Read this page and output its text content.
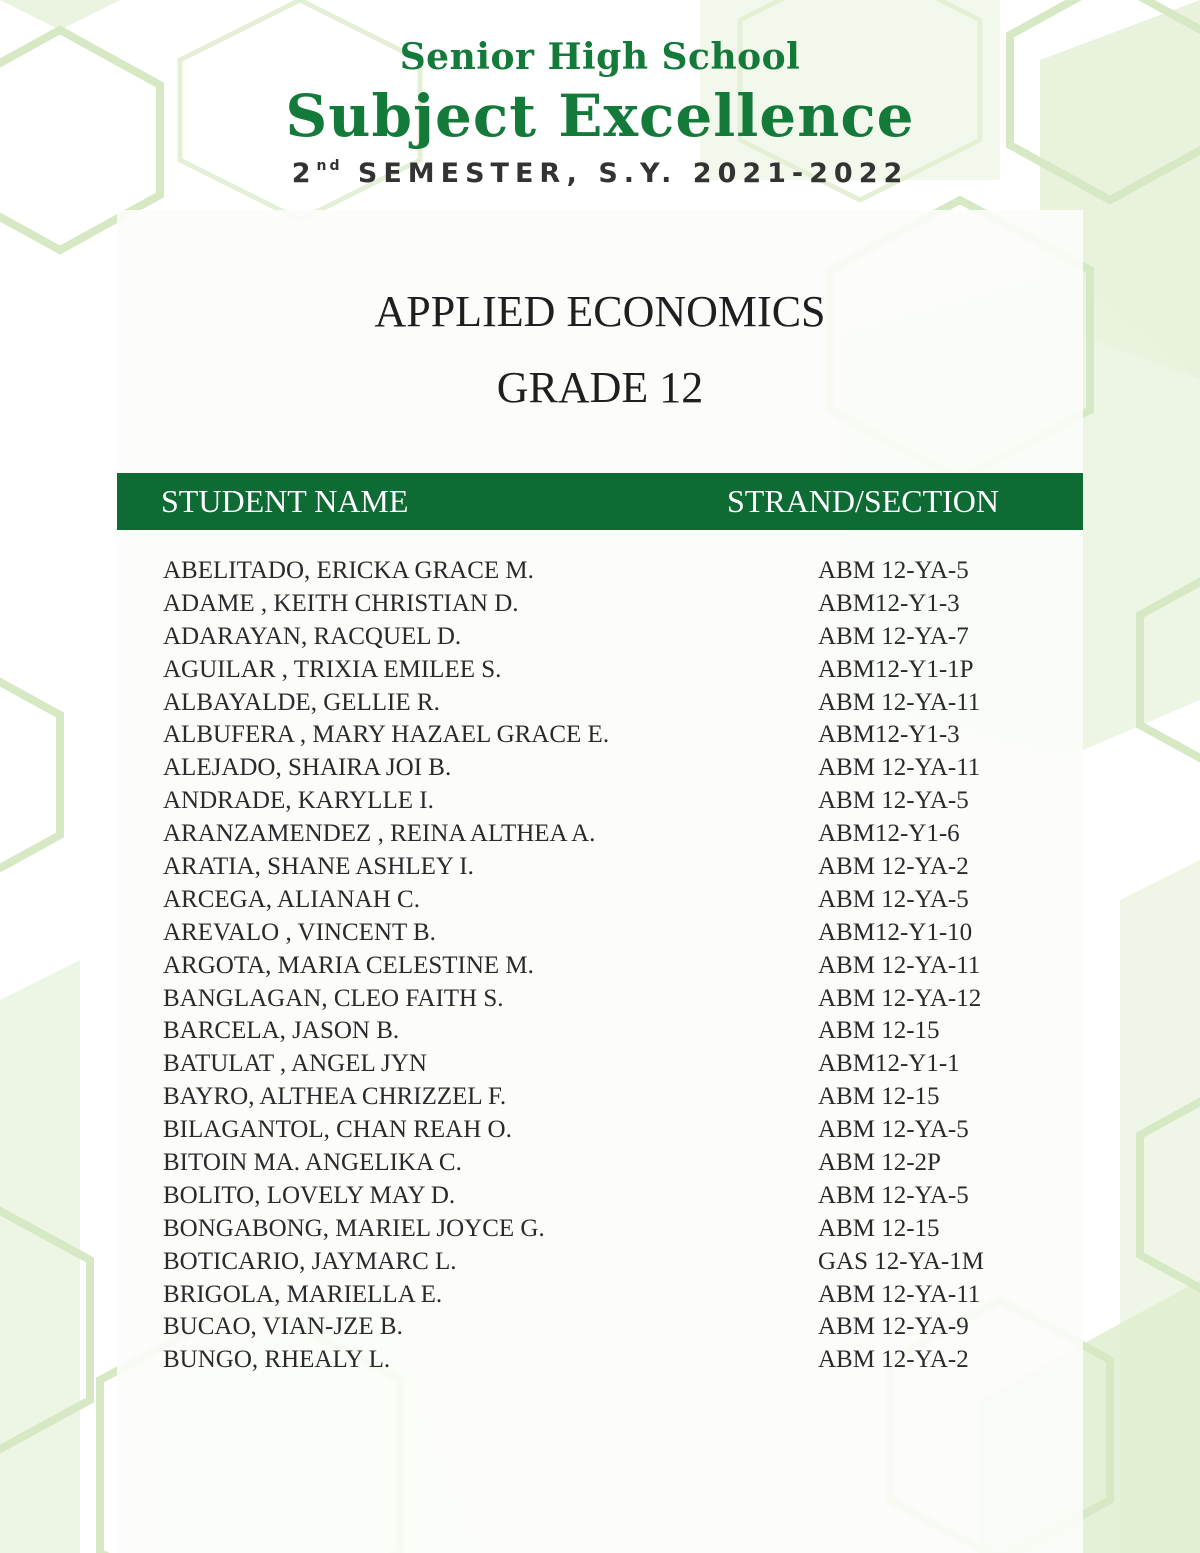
Senior High School
Subject Excellence
2nd SEMESTER, S.Y. 2021-2022
APPLIED ECONOMICS
GRADE 12
STUDENT NAME	STRAND/SECTION
ABELITADO, ERICKA GRACE M.	ABM 12-YA-5
ADAME , KEITH CHRISTIAN D.	ABM12-Y1-3
ADARAYAN, RACQUEL D.	ABM 12-YA-7
AGUILAR , TRIXIA EMILEE S.	ABM12-Y1-1P
ALBAYALDE, GELLIE R.	ABM 12-YA-11
ALBUFERA , MARY HAZAEL GRACE E.	ABM12-Y1-3
ALEJADO, SHAIRA JOI B.	ABM 12-YA-11
ANDRADE, KARYLLE I.	ABM 12-YA-5
ARANZAMENDEZ , REINA ALTHEA A.	ABM12-Y1-6
ARATIA, SHANE ASHLEY I.	ABM 12-YA-2
ARCEGA, ALIANAH C.	ABM 12-YA-5
AREVALO , VINCENT B.	ABM12-Y1-10
ARGOTA, MARIA CELESTINE M.	ABM 12-YA-11
BANGLAGAN, CLEO FAITH S.	ABM 12-YA-12
BARCELA, JASON B.	ABM 12-15
BATULAT , ANGEL JYN	ABM12-Y1-1
BAYRO, ALTHEA CHRIZZEL F.	ABM 12-15
BILAGANTOL, CHAN REAH O.	ABM 12-YA-5
BITOIN MA. ANGELIKA C.	ABM 12-2P
BOLITO, LOVELY MAY D.	ABM 12-YA-5
BONGABONG, MARIEL JOYCE G.	ABM 12-15
BOTICARIO, JAYMARC L.	GAS 12-YA-1M
BRIGOLA, MARIELLA E.	ABM 12-YA-11
BUCAO, VIAN-JZE B.	ABM 12-YA-9
BUNGO, RHEALY L.	ABM 12-YA-2
